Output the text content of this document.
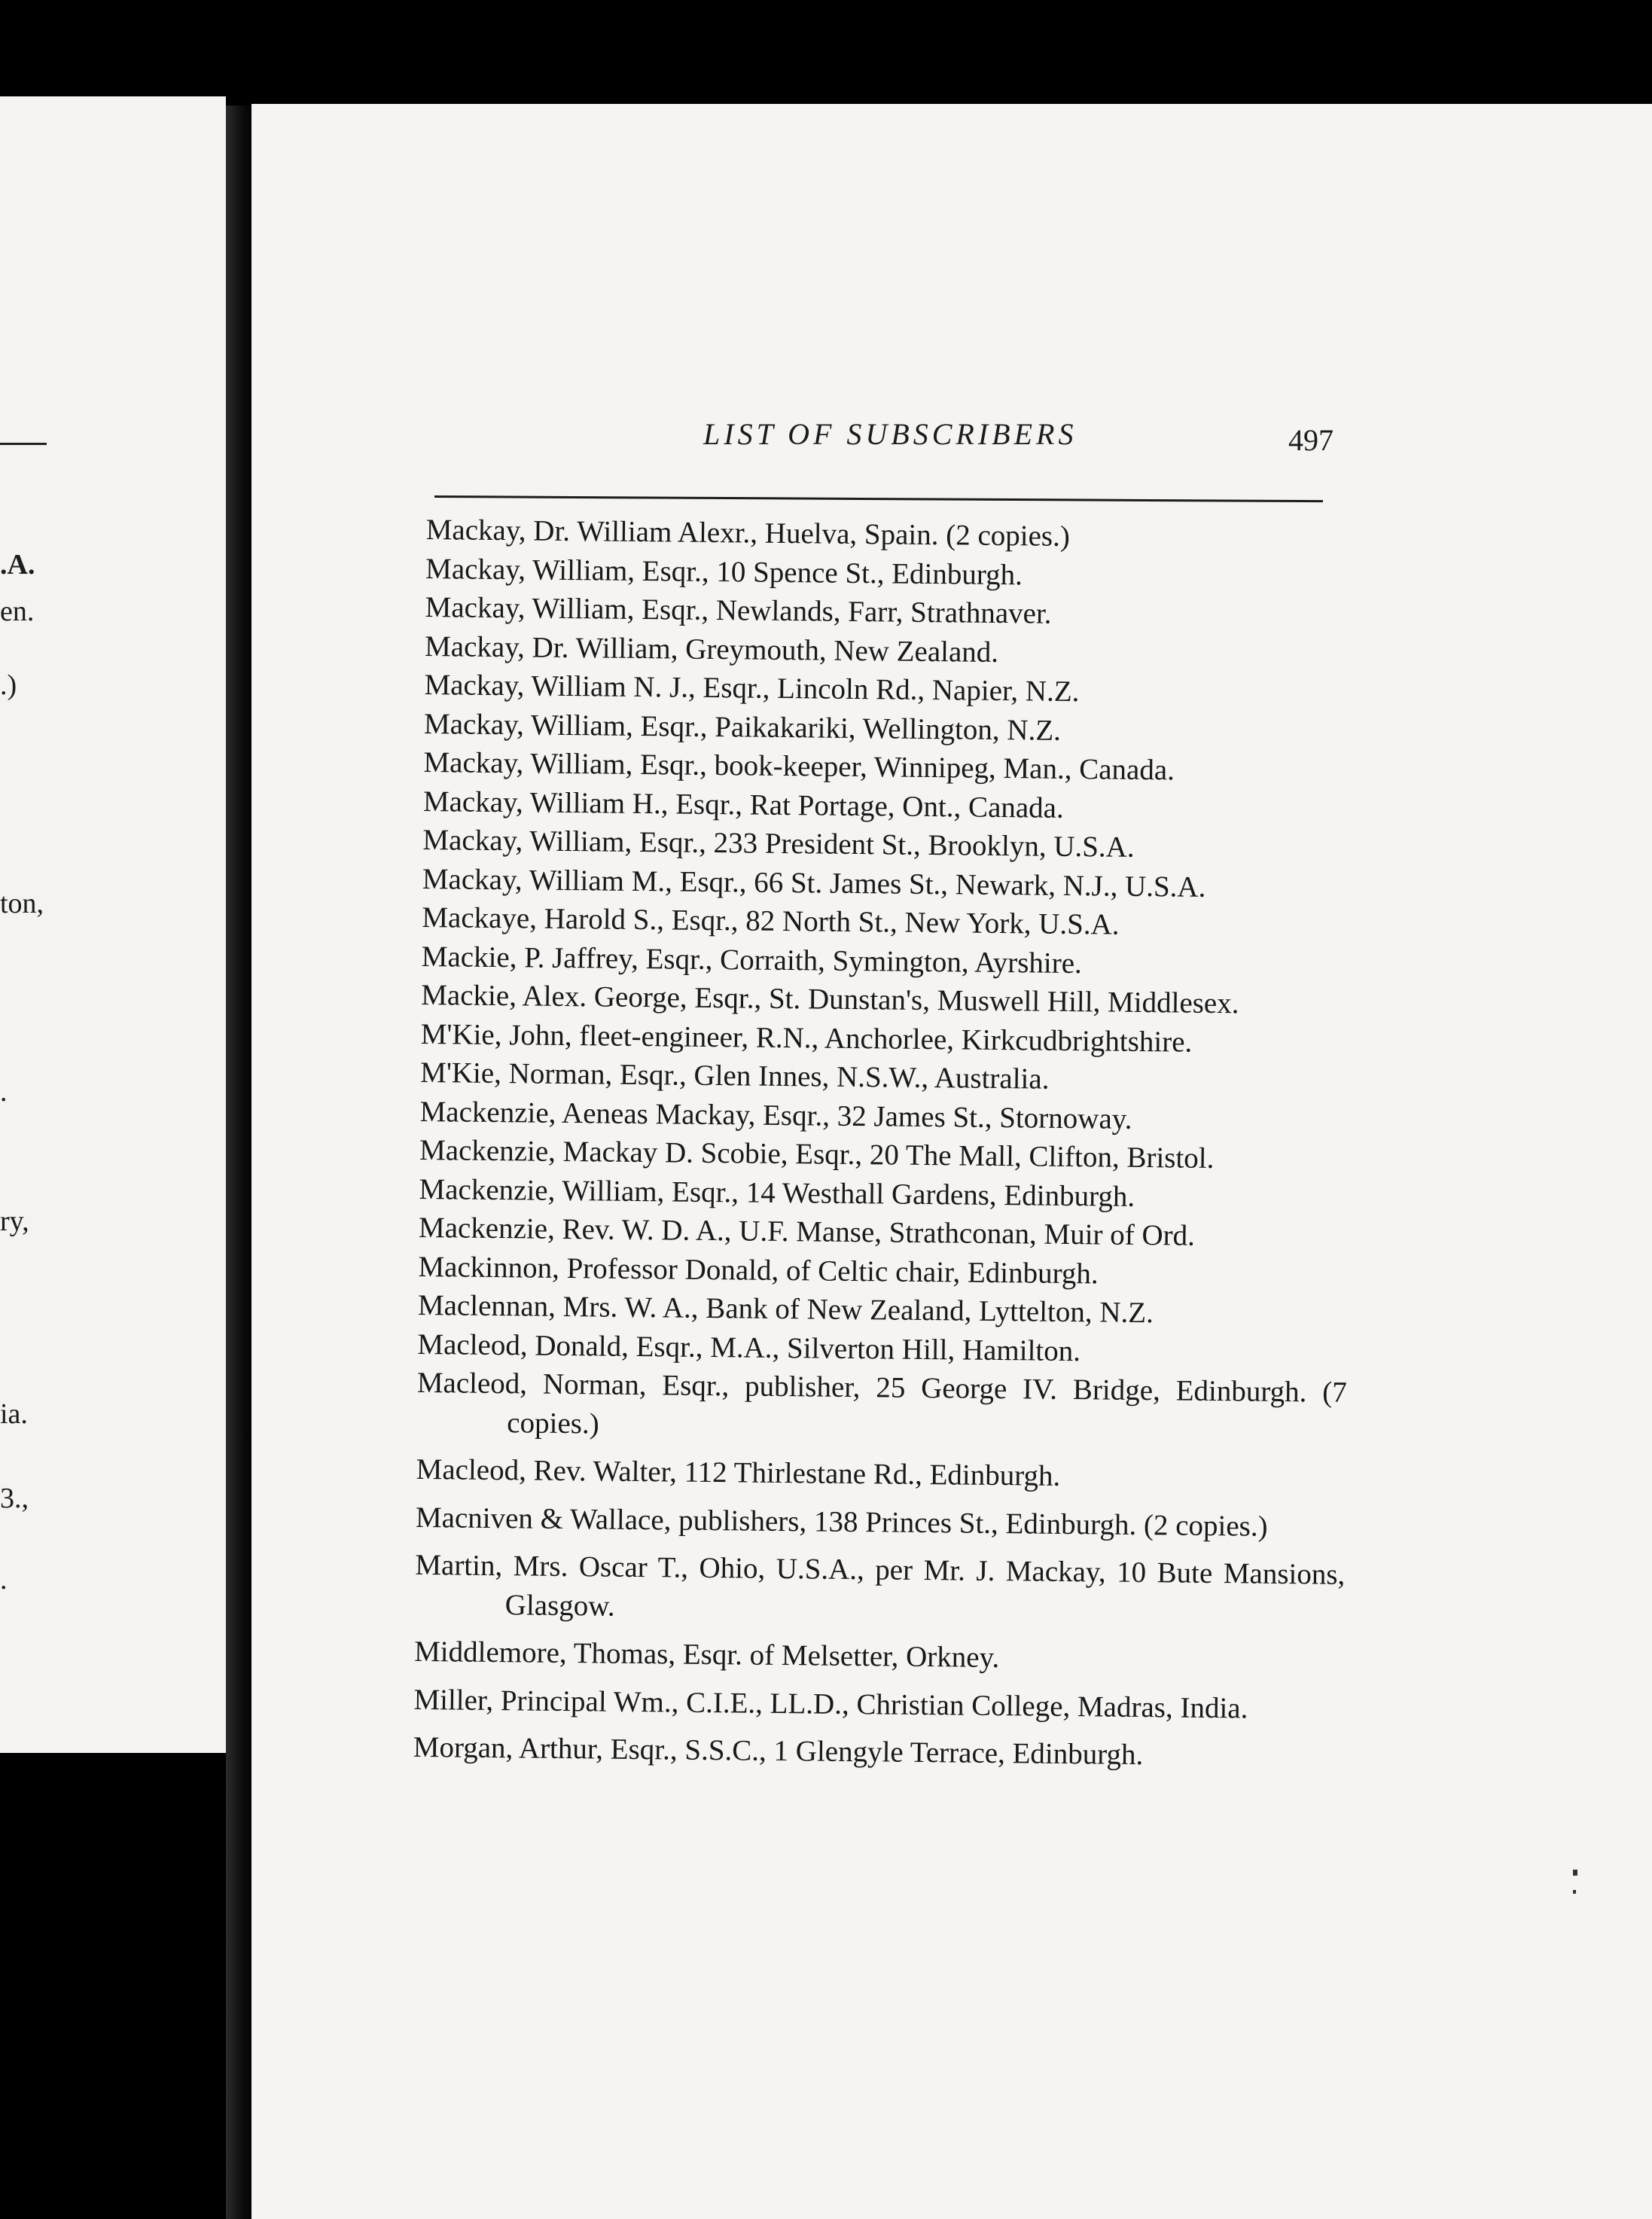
.A.
en.
.)
ton,
.
ry,
ia.
3.,
.
LIST OF SUBSCRIBERS	497

Mackay, Dr. William Alexr., Huelva, Spain. (2 copies.)

Mackay, William, Esqr., 10 Spence St., Edinburgh.

Mackay, William, Esqr., Newlands, Farr, Strathnaver.

Mackay, Dr. William, Greymouth, New Zealand.

Mackay, William N. J., Esqr., Lincoln Rd., Napier, N.Z.

Mackay, William, Esqr., Paikakariki, Wellington, N.Z.

Mackay, William, Esqr., book-keeper, Winnipeg, Man., Canada.

Mackay, William H., Esqr., Rat Portage, Ont., Canada.

Mackay, William, Esqr., 233 President St., Brooklyn, U.S.A.

Mackay, William M., Esqr., 66 St. James St., Newark, N.J., U.S.A.

Mackaye, Harold S., Esqr., 82 North St., New York, U.S.A.

Mackie, P. Jaffrey, Esqr., Corraith, Symington, Ayrshire.

Mackie, Alex. George, Esqr., St. Dunstan's, Muswell Hill, Middlesex.

M'Kie, John, fleet-engineer, R.N., Anchorlee, Kirkcudbrightshire.

M'Kie, Norman, Esqr., Glen Innes, N.S.W., Australia.

Mackenzie, Aeneas Mackay, Esqr., 32 James St., Stornoway.

Mackenzie, Mackay D. Scobie, Esqr., 20 The Mall, Clifton, Bristol.

Mackenzie, William, Esqr., 14 Westhall Gardens, Edinburgh.

Mackenzie, Rev. W. D. A., U.F. Manse, Strathconan, Muir of Ord.

Mackinnon, Professor Donald, of Celtic chair, Edinburgh.

Maclennan, Mrs. W. A., Bank of New Zealand, Lyttelton, N.Z.

Macleod, Donald, Esqr., M.A., Silverton Hill, Hamilton.

Macleod, Norman, Esqr., publisher, 25 George IV. Bridge, Edinburgh. (7 copies.)

Macleod, Rev. Walter, 112 Thirlestane Rd., Edinburgh.

Macniven & Wallace, publishers, 138 Princes St., Edinburgh. (2 copies.)

Martin, Mrs. Oscar T., Ohio, U.S.A., per Mr. J. Mackay, 10 Bute Mansions, Glasgow.

Middlemore, Thomas, Esqr. of Melsetter, Orkney.

Miller, Principal Wm., C.I.E., LL.D., Christian College, Madras, India.

Morgan, Arthur, Esqr., S.S.C., 1 Glengyle Terrace, Edinburgh.
